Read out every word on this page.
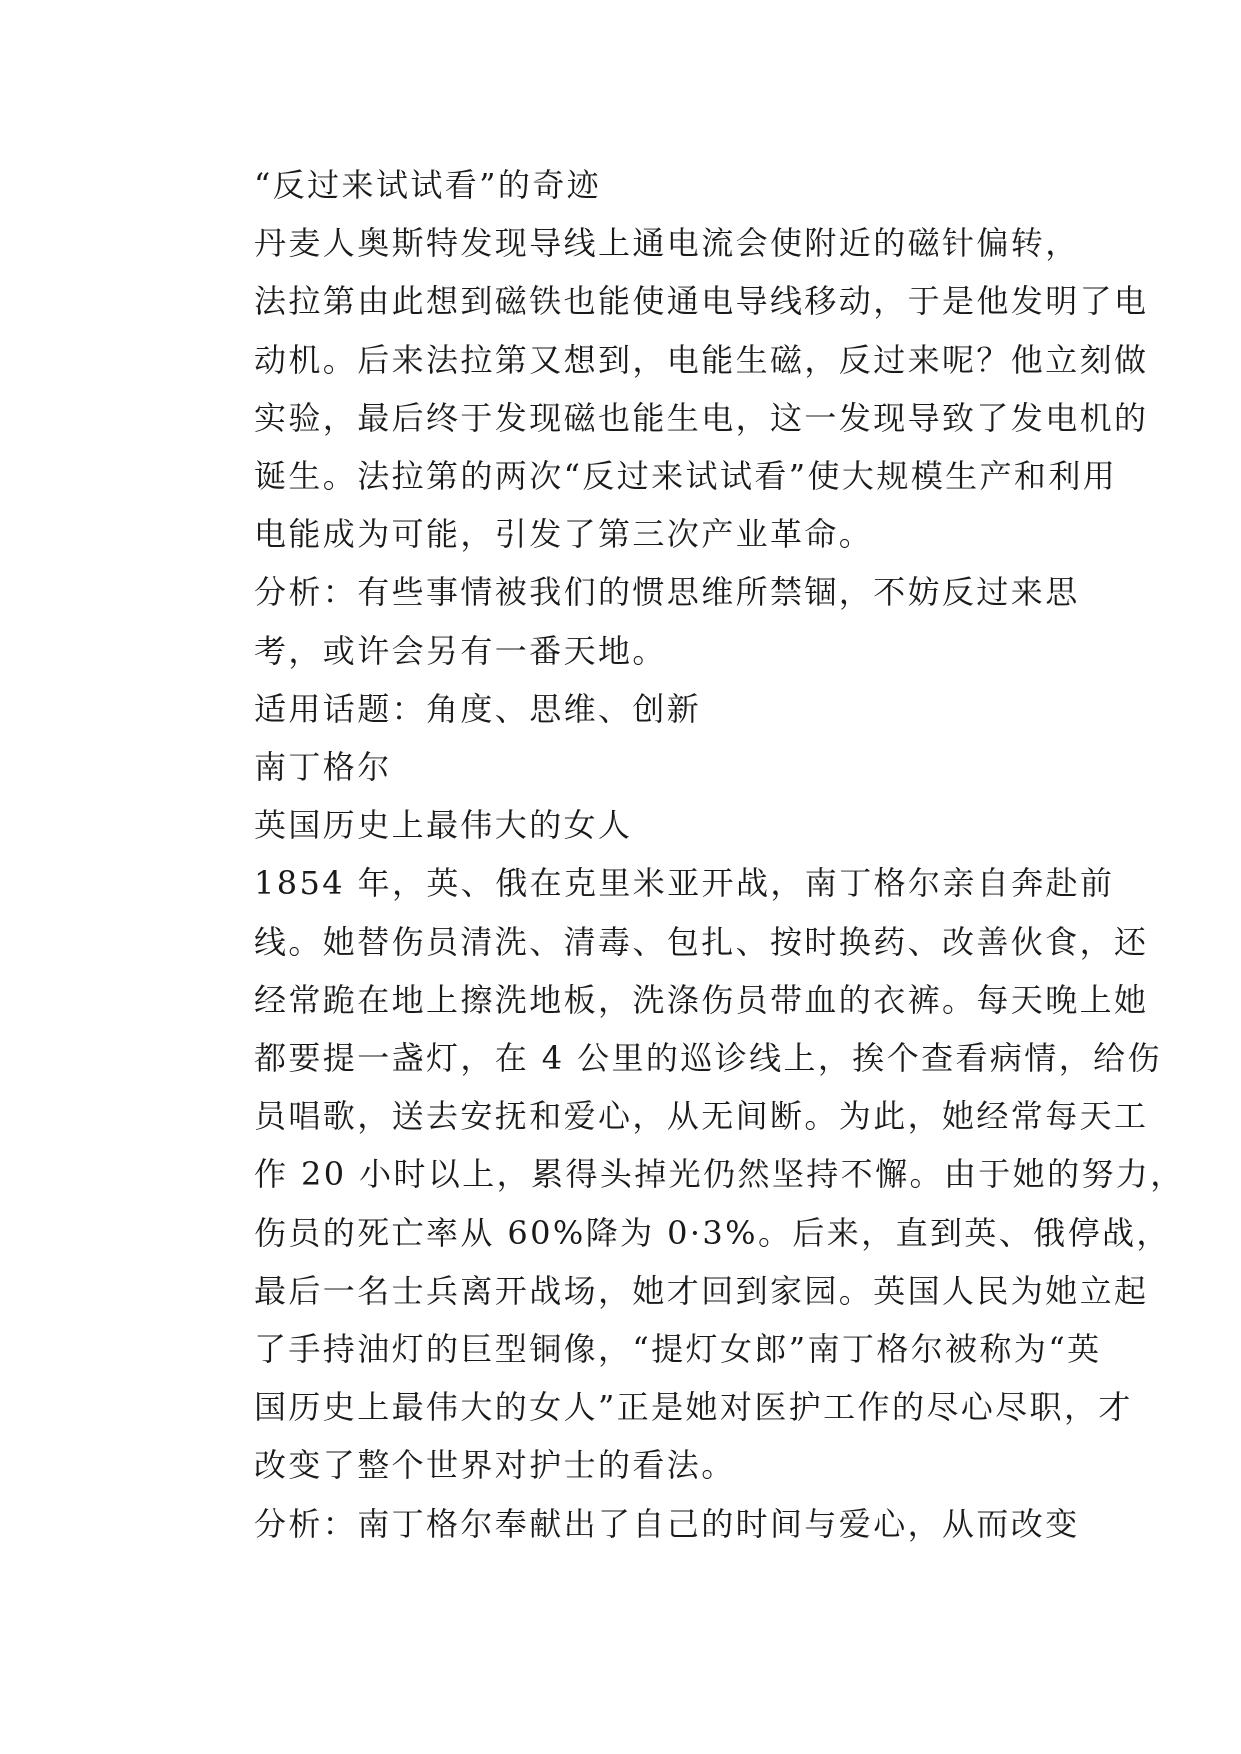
“反过来试试看”的奇迹

丹麦人奥斯特发现导线上通电流会使附近的磁针偏转，
法拉第由此想到磁铁也能使通电导线移动，于是他发明了电
动机。后来法拉第又想到，电能生磁，反过来呢？他立刻做
实验，最后终于发现磁也能生电，这一发现导致了发电机的
诞生。法拉第的两次“反过来试试看”使大规模生产和利用
电能成为可能，引发了第三次产业革命。

分析：有些事情被我们的惯思维所禁锢，不妨反过来思
考，或许会另有一番天地。

适用话题：角度、思维、创新

南丁格尔

英国历史上最伟大的女人

1854 年，英、俄在克里米亚开战，南丁格尔亲自奔赴前
线。她替伤员清洗、清毒、包扎、按时换药、改善伙食，还
经常跪在地上擦洗地板，洗涤伤员带血的衣裤。每天晚上她
都要提一盏灯，在 4 公里的巡诊线上，挨个查看病情，给伤
员唱歌，送去安抚和爱心，从无间断。为此，她经常每天工
作 20 小时以上，累得头掉光仍然坚持不懈。由于她的努力，
伤员的死亡率从 60%降为 0·3%。后来，直到英、俄停战，
最后一名士兵离开战场，她才回到家园。英国人民为她立起
了手持油灯的巨型铜像，“提灯女郎”南丁格尔被称为“英
国历史上最伟大的女人”正是她对医护工作的尽心尽职，才
改变了整个世界对护士的看法。

分析：南丁格尔奉献出了自己的时间与爱心，从而改变
